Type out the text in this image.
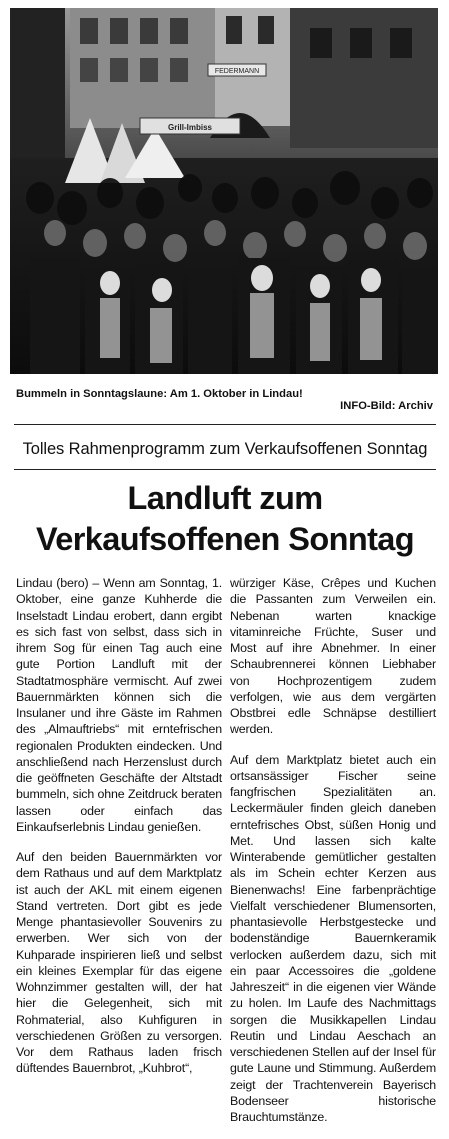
FEDERMANN
Grill-Imbiss
Bummeln in Sonntagslaune: Am 1. Oktober in Lindau!
INFO-Bild: Archiv
Tolles Rahmenprogramm zum Verkaufsoffenen Sonntag
Landluft zum
Verkaufsoffenen Sonntag

Lindau (bero) – Wenn am Sonntag, 1. Oktober, eine ganze Kuhherde die Inselstadt Lindau erobert, dann ergibt es sich fast von selbst, dass sich in ihrem Sog für einen Tag auch eine gute Portion Landluft mit der Stadtatmosphäre vermischt. Auf zwei Bauernmärkten können sich die Insulaner und ihre Gäste im Rahmen des „Almauftriebs“ mit erntefrischen regionalen Produkten eindecken. Und anschließend nach Herzenslust durch die geöffneten Geschäfte der Altstadt bummeln, sich ohne Zeitdruck beraten lassen oder einfach das Einkaufserlebnis Lindau genießen.

Auf den beiden Bauernmärkten vor dem Rathaus und auf dem Marktplatz ist auch der AKL mit einem eigenen Stand vertreten. Dort gibt es jede Menge phantasievoller Souvenirs zu erwerben. Wer sich von der Kuhparade inspirieren ließ und selbst ein kleines Exemplar für das eigene Wohnzimmer gestalten will, der hat hier die Gelegenheit, sich mit Rohmaterial, also Kuhfiguren in verschiedenen Größen zu versorgen. Vor dem Rathaus laden frisch düftendes Bauernbrot, „Kuhbrot“,

würziger Käse, Crêpes und Kuchen die Passanten zum Verweilen ein. Nebenan warten knackige vitaminreiche Früchte, Suser und Most auf ihre Abnehmer. In einer Schaubrennerei können Liebhaber von Hochprozentigem zudem verfolgen, wie aus dem vergärten Obstbrei edle Schnäpse destilliert werden.

Auf dem Marktplatz bietet auch ein ortsansässiger Fischer seine fangfrischen Spezialitäten an. Leckermäuler finden gleich daneben erntefrisches Obst, süßen Honig und Met. Und lassen sich kalte Winterabende gemütlicher gestalten als im Schein echter Kerzen aus Bienenwachs! Eine farbenprächtige Vielfalt verschiedener Blumensorten, phantasievolle Herbstgestecke und bodenständige Bauernkeramik verlocken außerdem dazu, sich mit ein paar Accessoires die „goldene Jahreszeit“ in die eigenen vier Wände zu holen. Im Laufe des Nachmittags sorgen die Musikkapellen Lindau Reutin und Lindau Aeschach an verschiedenen Stellen auf der Insel für gute Laune und Stimmung. Außerdem zeigt der Trachtenverein Bayerisch Bodenseer historische Brauchtumstänze.
